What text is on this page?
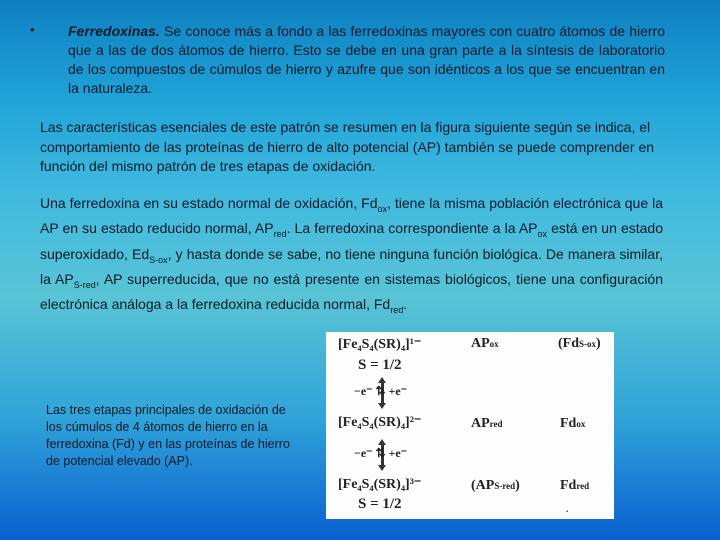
• Ferredoxinas. Se conoce más a fondo a las ferredoxinas mayores con cuatro átomos de hierro que a las de dos átomos de hierro. Esto se debe en una gran parte a la síntesis de laboratorio de los compuestos de cúmulos de hierro y azufre que son idénticos a los que se encuentran en la naturaleza.
Las características esenciales de este patrón se resumen en la figura siguiente según se indica, el comportamiento de las proteínas de hierro de alto potencial (AP) también se puede comprender en función del mismo patrón de tres etapas de oxidación.
Una ferredoxina en su estado normal de oxidación, $Fd_{ox}$, tiene la misma población electrónica que la AP en su estado reducido normal, $AP_{red}$. La ferredoxina correspondiente a la $AP_{ox}$ está en un estado superoxidado, $Ed_{S-ox}$, y hasta donde se sabe, no tiene ninguna función biológica. De manera similar, la $AP_{S-red}$, AP superreducida, que no está presente en sistemas biológicos, tiene una configuración electrónica análoga a la ferredoxina reducida normal, $Fd_{red}$.
[Fe₄S₄(SR)₄]¹⁻	APox	(FdS-ox)
S = 1/2
−e⁻ ⇅ +e⁻
[Fe₄S₄(SR)₄]²⁻	APred	Fdox
−e⁻ ⇅ +e⁻
[Fe₄S₄(SR)₄]³⁻	(APS-red)	Fdred
S = 1/2	.
Las tres etapas principales de oxidación de los cúmulos de 4 átomos de hierro en la ferredoxina (Fd) y en las proteínas de hierro de potencial elevado (AP).
